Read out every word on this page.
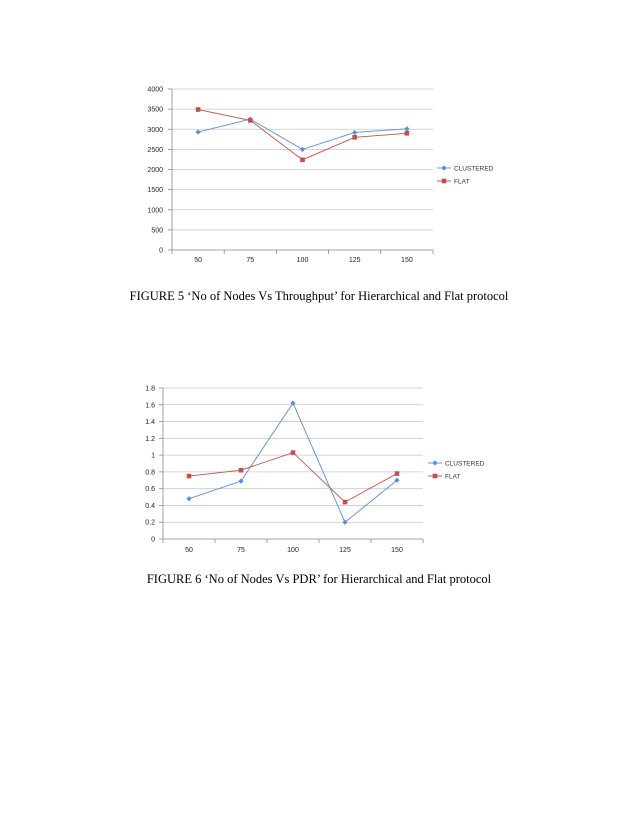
0
500
1000
1500
2000
2500
3000
3500
4000
50	75	100	125	150
CLUSTERED
FLAT
0
0.2
0.4
0.6
0.8
1
1.2
1.4
1.6
1.8
50	75	100	125	150
CLUSTERED
FLAT
FIGURE 5 ‘No of Nodes Vs Throughput’ for Hierarchical and Flat protocol
FIGURE 6 ‘No of Nodes Vs PDR’ for Hierarchical and Flat protocol
